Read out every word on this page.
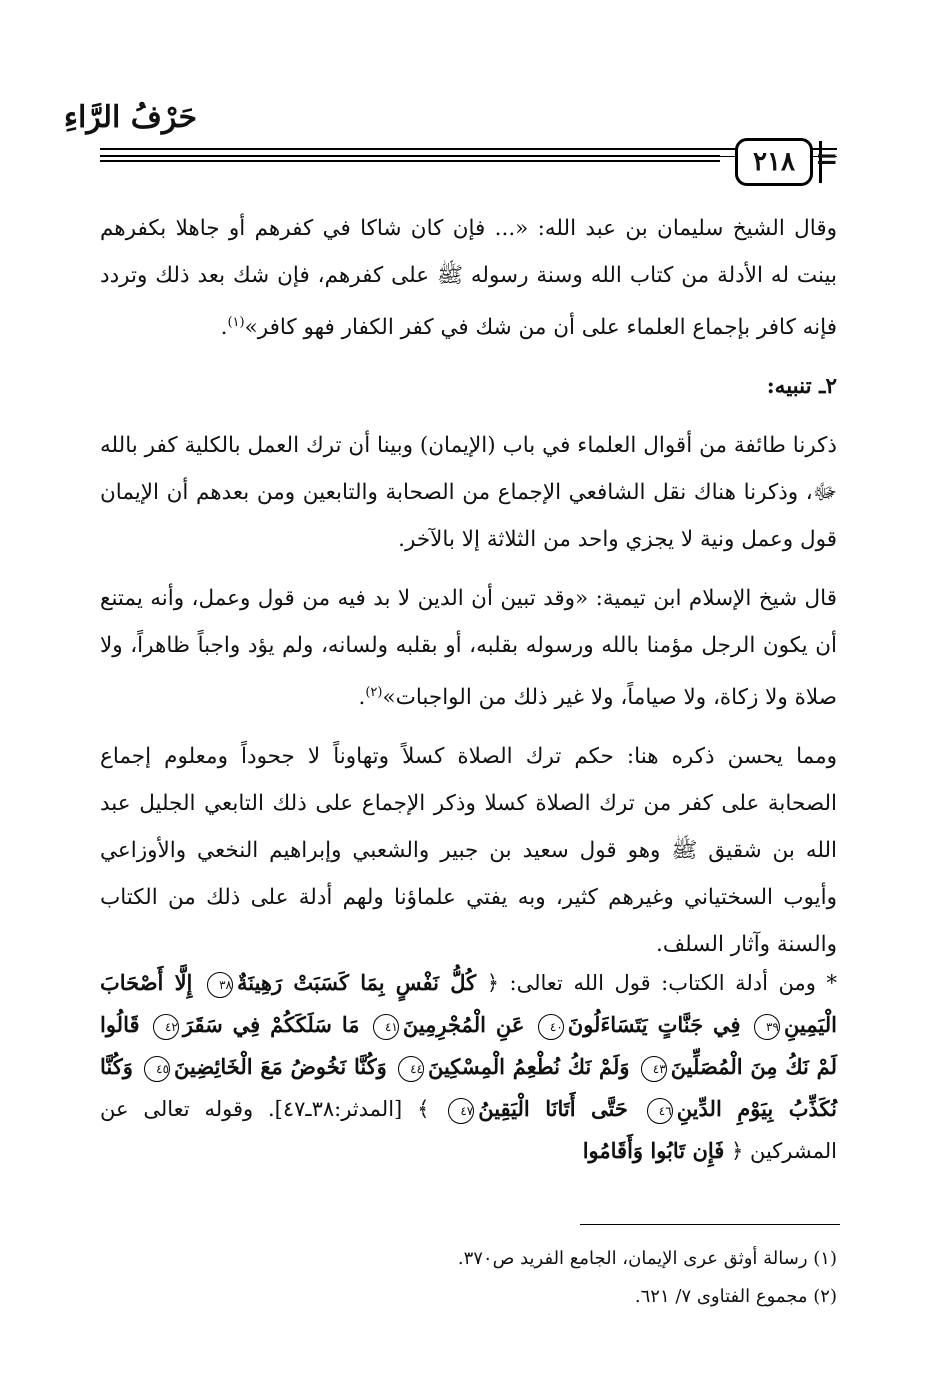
حَرْفُ الرَّاءِ
٢١٨ =

وقال الشيخ سليمان بن عبد الله: «... فإن كان شاكا في كفرهم أو جاهلا بكفرهم بينت له الأدلة من كتاب الله وسنة رسوله ﷺ على كفرهم، فإن شك بعد ذلك وتردد فإنه كافر بإجماع العلماء على أن من شك في كفر الكفار فهو كافر»$^{(١)}$.

٢ـ تنبيه:

ذكرنا طائفة من أقوال العلماء في باب (الإيمان) وبينا أن ترك العمل بالكلية كفر بالله ﷻ، وذكرنا هناك نقل الشافعي الإجماع من الصحابة والتابعين ومن بعدهم أن الإيمان قول وعمل ونية لا يجزي واحد من الثلاثة إلا بالآخر.

قال شيخ الإسلام ابن تيمية: «وقد تبين أن الدين لا بد فيه من قول وعمل، وأنه يمتنع أن يكون الرجل مؤمنا بالله ورسوله بقلبه، أو بقلبه ولسانه، ولم يؤد واجباً ظاهراً، ولا صلاة ولا زكاة، ولا صياماً، ولا غير ذلك من الواجبات»$^{(٢)}$.

ومما يحسن ذكره هنا: حكم ترك الصلاة كسلاً وتهاوناً لا جحوداً ومعلوم إجماع الصحابة على كفر من ترك الصلاة كسلا وذكر الإجماع على ذلك التابعي الجليل عبد الله بن شقيق ﷺ وهو قول سعيد بن جبير والشعبي وإبراهيم النخعي والأوزاعي وأيوب السختياني وغيرهم كثير، وبه يفتي علماؤنا ولهم أدلة على ذلك من الكتاب والسنة وآثار السلف.

* ومن أدلة الكتاب: قول الله تعالى: ﴿ كُلُّ نَفْسٍ بِمَا كَسَبَتْ رَهِينَةٌ٣٨ إِلَّا أَصْحَابَ الْيَمِينِ٣٩ فِي جَنَّاتٍ يَتَسَاءَلُونَ٤٠ عَنِ الْمُجْرِمِينَ٤١ مَا سَلَكَكُمْ فِي سَقَرَ٤٢ قَالُوا لَمْ نَكُ مِنَ الْمُصَلِّينَ٤٣ وَلَمْ نَكُ نُطْعِمُ الْمِسْكِينَ٤٤ وَكُنَّا نَخُوضُ مَعَ الْخَائِضِينَ٤٥ وَكُنَّا نُكَذِّبُ بِيَوْمِ الدِّينِ٤٦ حَتَّى أَتَانَا الْيَقِينُ٤٧ ﴾ [المدثر:٣٨ـ٤٧]. وقوله تعالى عن المشركين ﴿ فَإِن تَابُوا وَأَقَامُوا
(١) رسالة أوثق عرى الإيمان، الجامع الفريد ص٣٧٠.
(٢) مجموع الفتاوى ٧/ ٦٢١.
